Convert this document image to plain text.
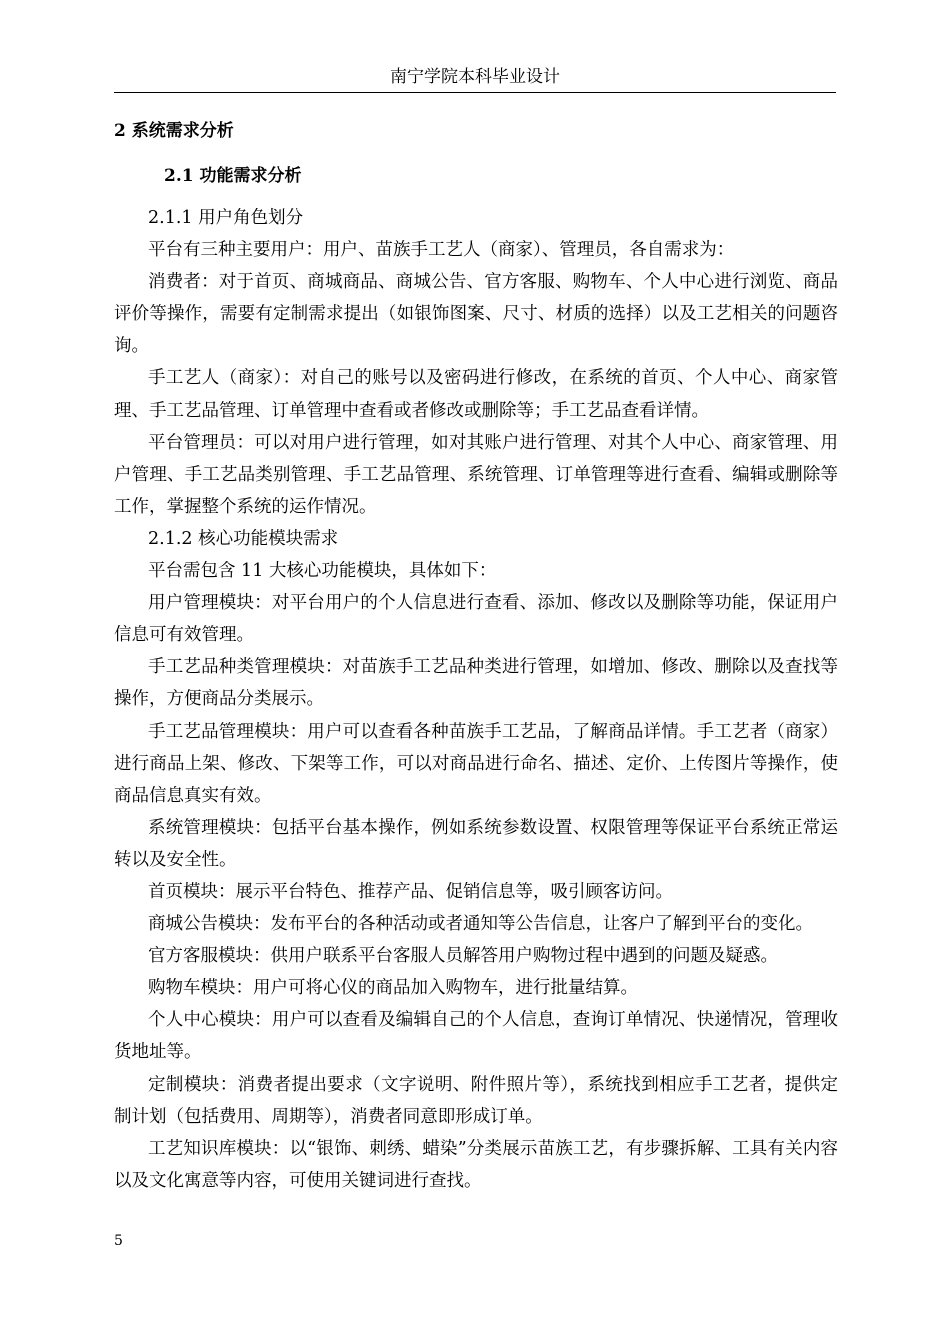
南宁学院本科毕业设计
2 系统需求分析
2.1 功能需求分析

2.1.1 用户角色划分

平台有三种主要用户：用户、苗族手工艺人（商家）、管理员，各自需求为：

消费者：对于首页、商城商品、商城公告、官方客服、购物车、个人中心进行浏览、商品评价等操作，需要有定制需求提出（如银饰图案、尺寸、材质的选择）以及工艺相关的问题咨询。

手工艺人（商家）：对自己的账号以及密码进行修改，在系统的首页、个人中心、商家管理、手工艺品管理、订单管理中查看或者修改或删除等；手工艺品查看详情。

平台管理员：可以对用户进行管理，如对其账户进行管理、对其个人中心、商家管理、用户管理、手工艺品类别管理、手工艺品管理、系统管理、订单管理等进行查看、编辑或删除等工作，掌握整个系统的运作情况。

2.1.2 核心功能模块需求

平台需包含 11 大核心功能模块，具体如下：

用户管理模块：对平台用户的个人信息进行查看、添加、修改以及删除等功能，保证用户信息可有效管理。

手工艺品种类管理模块：对苗族手工艺品种类进行管理，如增加、修改、删除以及查找等操作，方便商品分类展示。

手工艺品管理模块：用户可以查看各种苗族手工艺品，了解商品详情。手工艺者（商家）进行商品上架、修改、下架等工作，可以对商品进行命名、描述、定价、上传图片等操作，使商品信息真实有效。

系统管理模块：包括平台基本操作，例如系统参数设置、权限管理等保证平台系统正常运转以及安全性。

首页模块：展示平台特色、推荐产品、促销信息等，吸引顾客访问。

商城公告模块：发布平台的各种活动或者通知等公告信息，让客户了解到平台的变化。

官方客服模块：供用户联系平台客服人员解答用户购物过程中遇到的问题及疑惑。

购物车模块：用户可将心仪的商品加入购物车，进行批量结算。

个人中心模块：用户可以查看及编辑自己的个人信息，查询订单情况、快递情况，管理收货地址等。

定制模块：消费者提出要求（文字说明、附件照片等），系统找到相应手工艺者，提供定制计划（包括费用、周期等），消费者同意即形成订单。

工艺知识库模块：以“银饰、刺绣、蜡染”分类展示苗族工艺，有步骤拆解、工具有关内容以及文化寓意等内容，可使用关键词进行查找。

5
